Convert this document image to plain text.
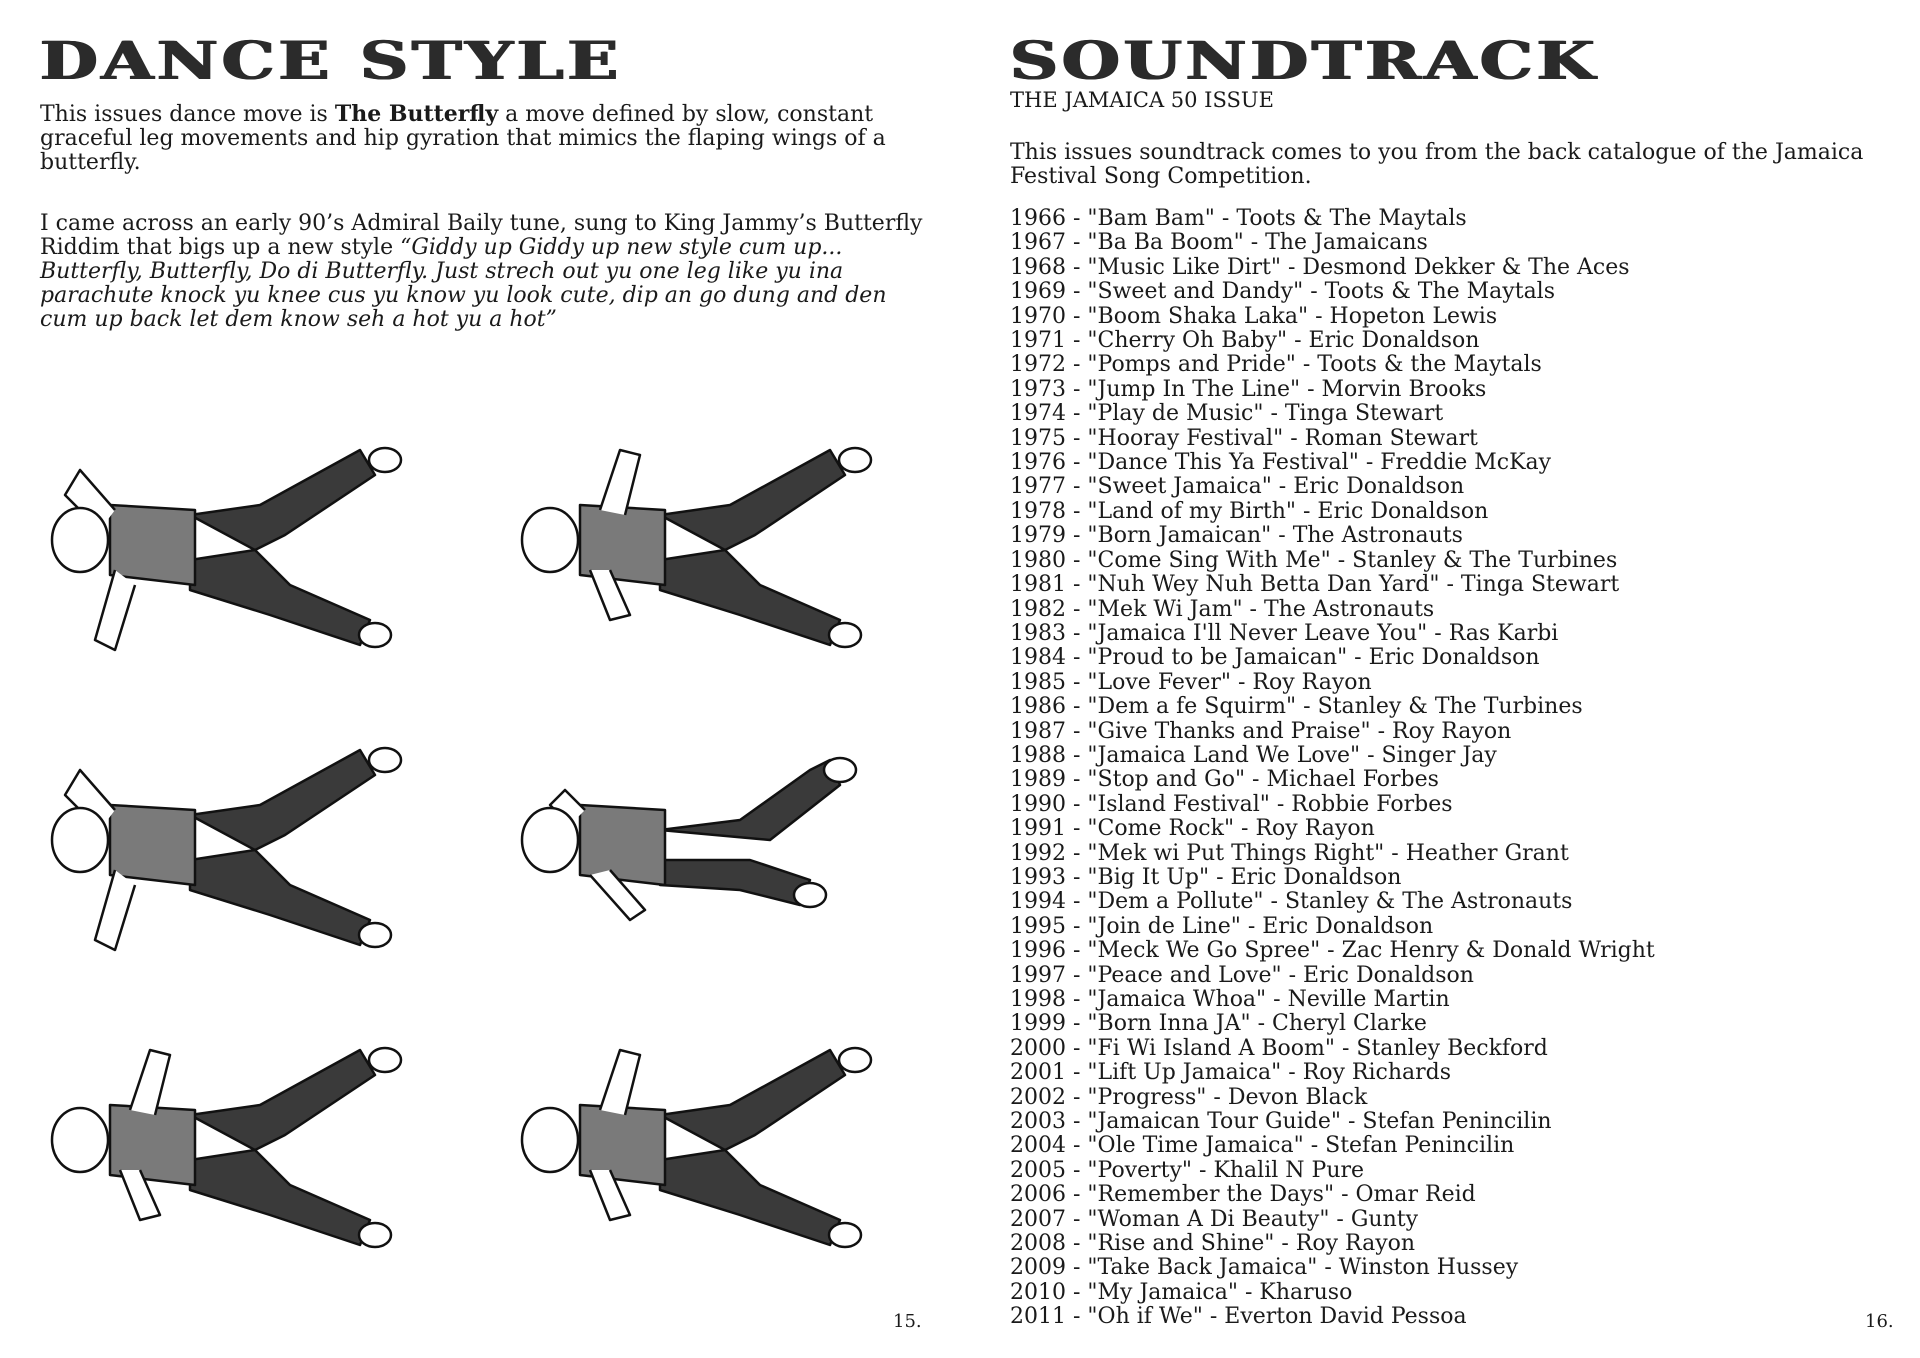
DANCE STYLE

This issues dance move is The Butterfly a move defined by slow, constant graceful leg movements and hip gyration that mimics the flaping wings of a butterfly.

I came across an early 90’s Admiral Baily tune, sung to King Jammy’s Butterfly Riddim that bigs up a new style “Giddy up Giddy up new style cum up... Butterfly, Butterfly, Do di Butterfly. Just strech out yu one leg like yu ina parachute knock yu knee cus yu know yu look cute, dip an go dung and den cum up back let dem know seh a hot yu a hot”

15.
SOUNDTRACK
THE JAMAICA 50 ISSUE

This issues soundtrack comes to you from the back catalogue of the Jamaica Festival Song Competition.

1966 - "Bam Bam" - Toots & The Maytals
1967 - "Ba Ba Boom" - The Jamaicans
1968 - "Music Like Dirt" - Desmond Dekker & The Aces
1969 - "Sweet and Dandy" - Toots & The Maytals
1970 - "Boom Shaka Laka" - Hopeton Lewis
1971 - "Cherry Oh Baby" - Eric Donaldson
1972 - "Pomps and Pride" - Toots & the Maytals
1973 - "Jump In The Line" - Morvin Brooks
1974 - "Play de Music" - Tinga Stewart
1975 - "Hooray Festival" - Roman Stewart
1976 - "Dance This Ya Festival" - Freddie McKay
1977 - "Sweet Jamaica" - Eric Donaldson
1978 - "Land of my Birth" - Eric Donaldson
1979 - "Born Jamaican" - The Astronauts
1980 - "Come Sing With Me" - Stanley & The Turbines
1981 - "Nuh Wey Nuh Betta Dan Yard" - Tinga Stewart
1982 - "Mek Wi Jam" - The Astronauts
1983 - "Jamaica I'll Never Leave You" - Ras Karbi
1984 - "Proud to be Jamaican" - Eric Donaldson
1985 - "Love Fever" - Roy Rayon
1986 - "Dem a fe Squirm" - Stanley & The Turbines
1987 - "Give Thanks and Praise" - Roy Rayon
1988 - "Jamaica Land We Love" - Singer Jay
1989 - "Stop and Go" - Michael Forbes
1990 - "Island Festival" - Robbie Forbes
1991 - "Come Rock" - Roy Rayon
1992 - "Mek wi Put Things Right" - Heather Grant
1993 - "Big It Up" - Eric Donaldson
1994 - "Dem a Pollute" - Stanley & The Astronauts
1995 - "Join de Line" - Eric Donaldson
1996 - "Meck We Go Spree" - Zac Henry & Donald Wright
1997 - "Peace and Love" - Eric Donaldson
1998 - "Jamaica Whoa" - Neville Martin
1999 - "Born Inna JA" - Cheryl Clarke
2000 - "Fi Wi Island A Boom" - Stanley Beckford
2001 - "Lift Up Jamaica" - Roy Richards
2002 - "Progress" - Devon Black
2003 - "Jamaican Tour Guide" - Stefan Penincilin
2004 - "Ole Time Jamaica" - Stefan Penincilin
2005 - "Poverty" - Khalil N Pure
2006 - "Remember the Days" - Omar Reid
2007 - "Woman A Di Beauty" - Gunty
2008 - "Rise and Shine" - Roy Rayon
2009 - "Take Back Jamaica" - Winston Hussey
2010 - "My Jamaica" - Kharuso
2011 - "Oh if We" - Everton David Pessoa	16.
